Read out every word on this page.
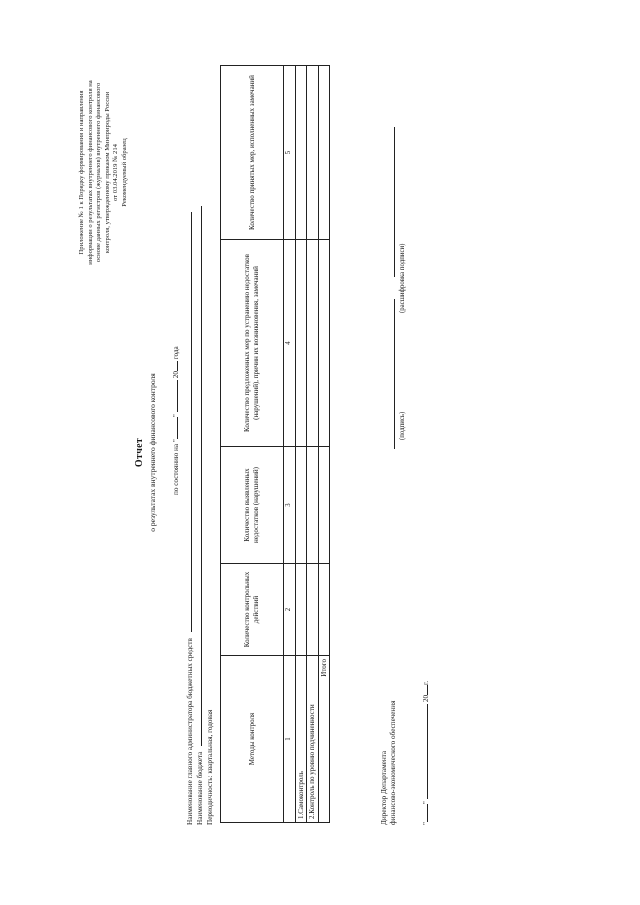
Приложение № 1 к Порядку формирования и направления информации о результатах внутреннего финансового контроля на основе данных регистров (журналов) внутреннего финансового контроля, утвержденному приказом Минприроды России от 03.04.2019 № 214 Рекомендуемый образец
Отчет о результатах внутреннего финансового контроля по состоянию на ""20 года
Наименование главного администратора бюджетных средств Наименование бюджета Периодичность: квартальная, годовая	Методы контроля	Количество контрольных действий	Количество выявленных недостатков (нарушений)	Количество предложенных мер по устранению недостатков (нарушений), причин их возникновения, замечаний	Количество принятых мер, исполненных замечаний
1	2	3	4	5
1.Самоконтроль				
2.Контроль по уровню подчиненности				
Итого				
Директор Департамента финансово-экономического обеспечения
(подпись)
(расшифровка подписи)
""20г.
